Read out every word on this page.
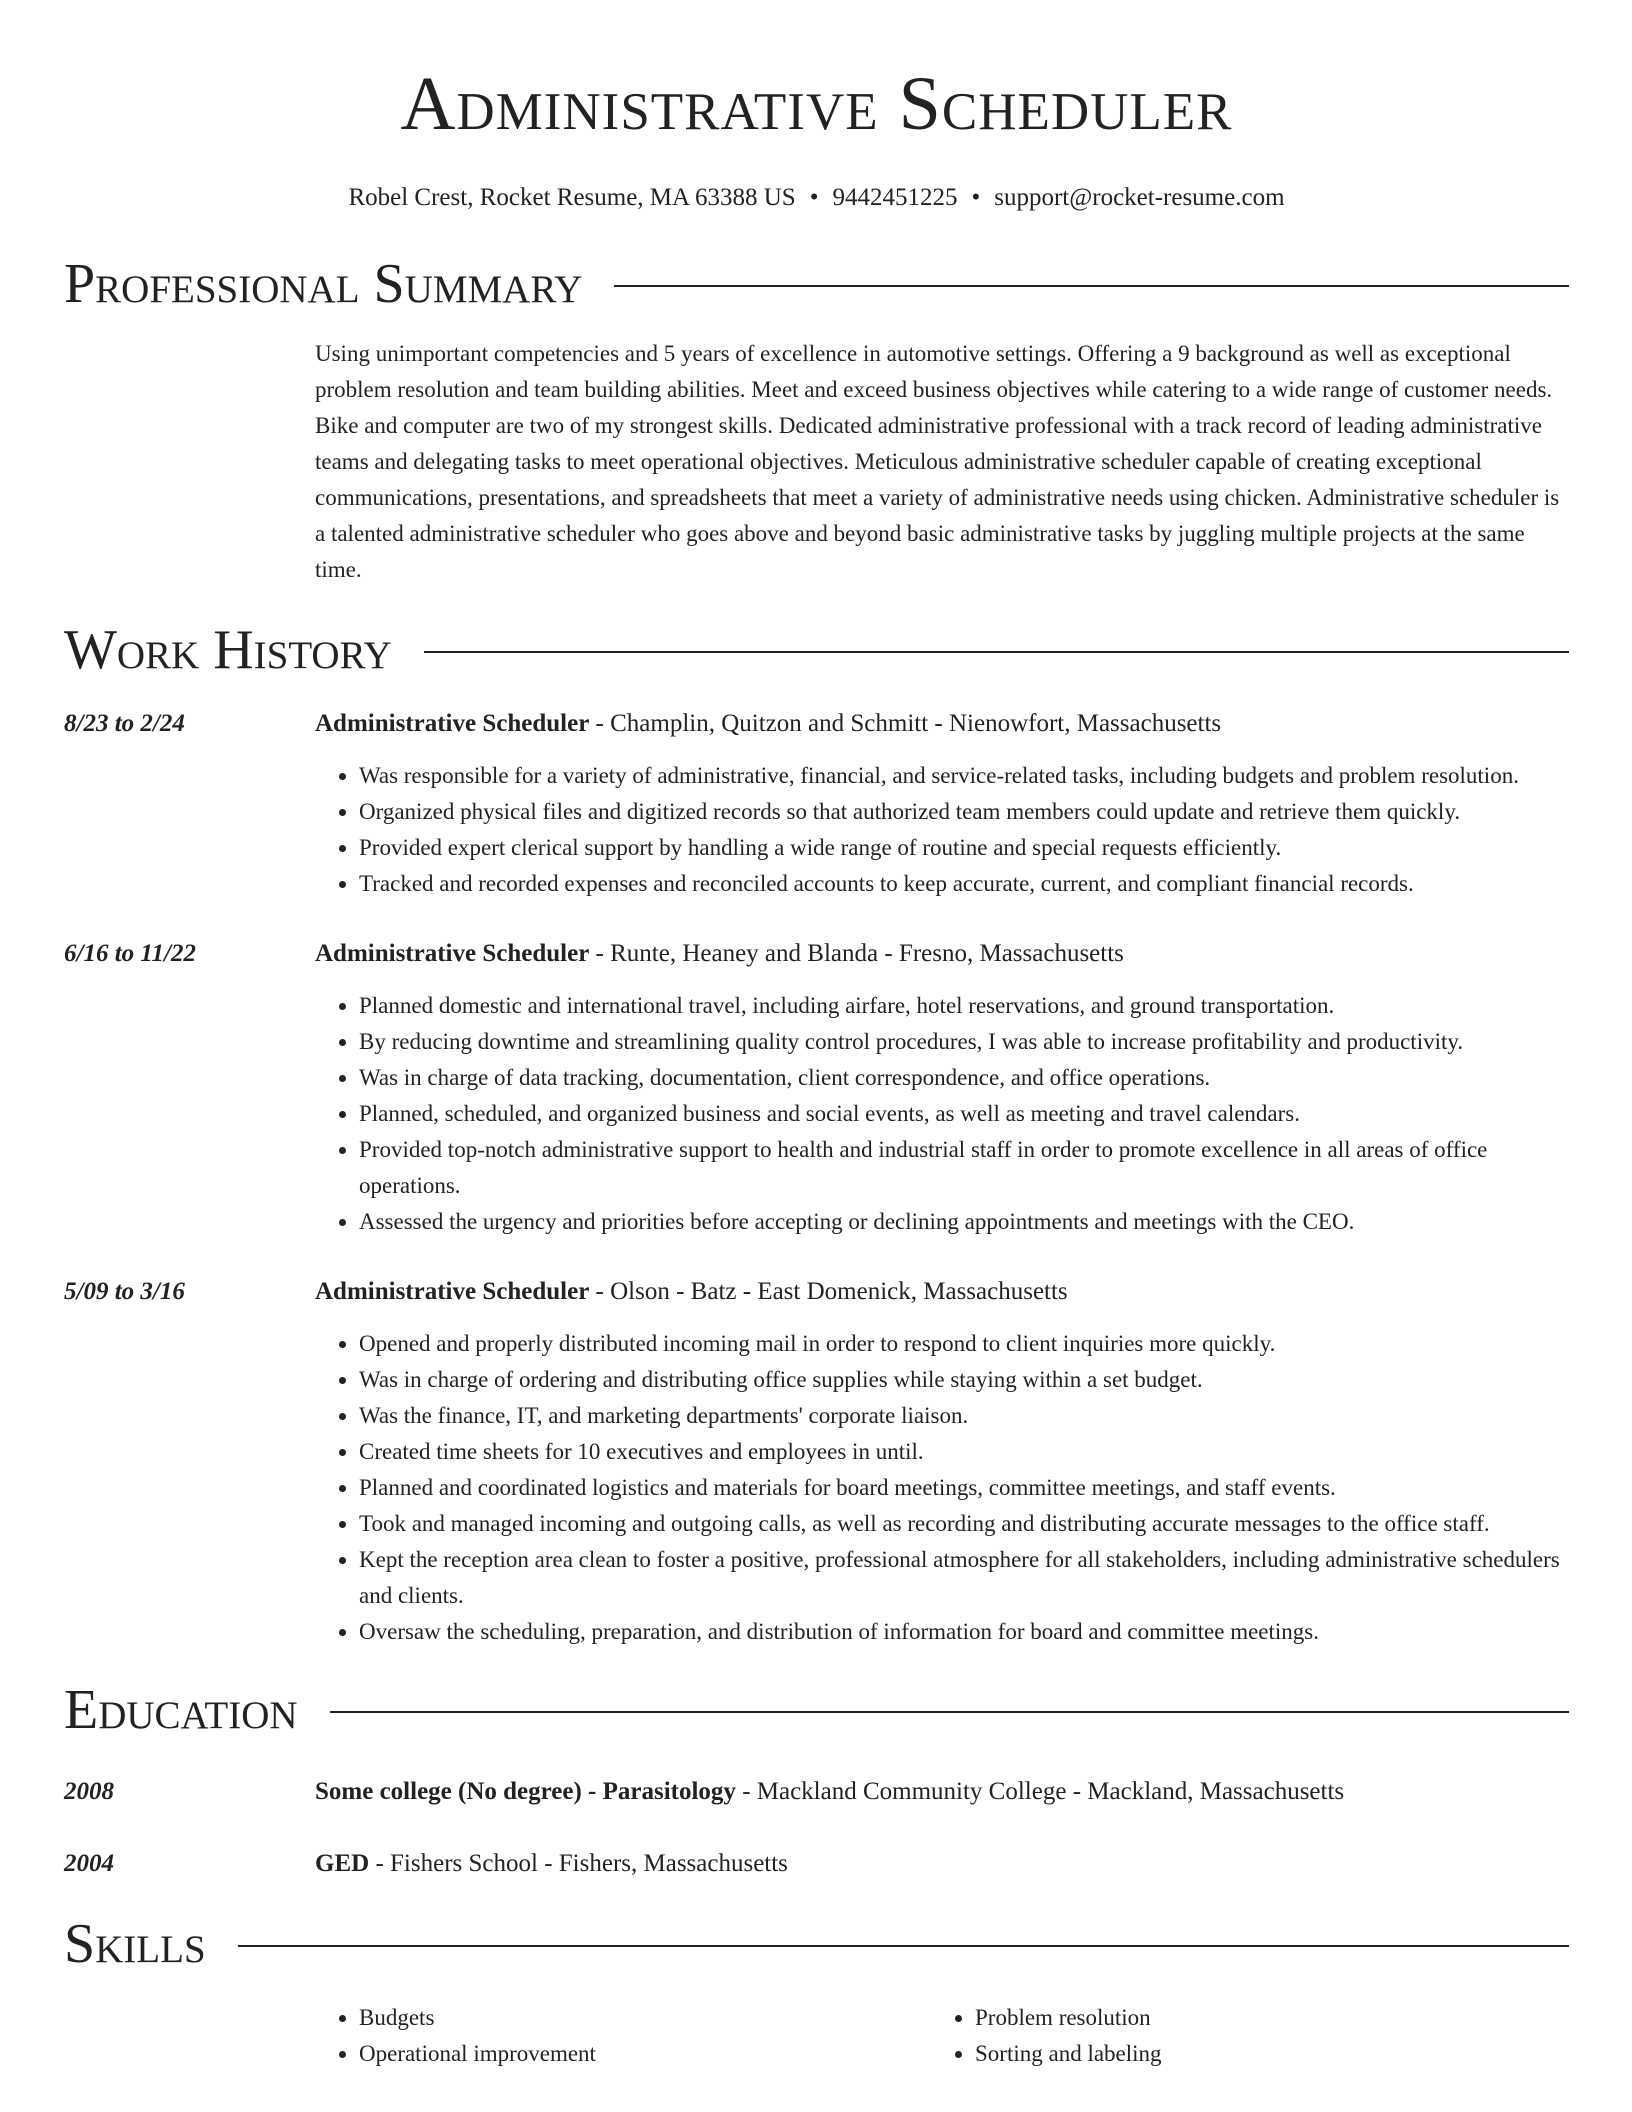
Administrative Scheduler
Robel Crest, Rocket Resume, MA 63388 US • 9442451225 • support@rocket-resume.com
Professional Summary
Using unimportant competencies and 5 years of excellence in automotive settings. Offering a 9 background as well as exceptional problem resolution and team building abilities. Meet and exceed business objectives while catering to a wide range of customer needs. Bike and computer are two of my strongest skills. Dedicated administrative professional with a track record of leading administrative teams and delegating tasks to meet operational objectives. Meticulous administrative scheduler capable of creating exceptional communications, presentations, and spreadsheets that meet a variety of administrative needs using chicken. Administrative scheduler is a talented administrative scheduler who goes above and beyond basic administrative tasks by juggling multiple projects at the same time.
Work History
8/23 to 2/24	Administrative Scheduler - Champlin, Quitzon and Schmitt - Nienowfort, Massachusetts
• Was responsible for a variety of administrative, financial, and service-related tasks, including budgets and problem resolution.
• Organized physical files and digitized records so that authorized team members could update and retrieve them quickly.
• Provided expert clerical support by handling a wide range of routine and special requests efficiently.
• Tracked and recorded expenses and reconciled accounts to keep accurate, current, and compliant financial records.
6/16 to 11/22	Administrative Scheduler - Runte, Heaney and Blanda - Fresno, Massachusetts
• Planned domestic and international travel, including airfare, hotel reservations, and ground transportation.
• By reducing downtime and streamlining quality control procedures, I was able to increase profitability and productivity.
• Was in charge of data tracking, documentation, client correspondence, and office operations.
• Planned, scheduled, and organized business and social events, as well as meeting and travel calendars.
• Provided top-notch administrative support to health and industrial staff in order to promote excellence in all areas of office operations.
• Assessed the urgency and priorities before accepting or declining appointments and meetings with the CEO.
5/09 to 3/16	Administrative Scheduler - Olson - Batz - East Domenick, Massachusetts
• Opened and properly distributed incoming mail in order to respond to client inquiries more quickly.
• Was in charge of ordering and distributing office supplies while staying within a set budget.
• Was the finance, IT, and marketing departments' corporate liaison.
• Created time sheets for 10 executives and employees in until.
• Planned and coordinated logistics and materials for board meetings, committee meetings, and staff events.
• Took and managed incoming and outgoing calls, as well as recording and distributing accurate messages to the office staff.
• Kept the reception area clean to foster a positive, professional atmosphere for all stakeholders, including administrative schedulers and clients.
• Oversaw the scheduling, preparation, and distribution of information for board and committee meetings.
Education
2008	Some college (No degree) - Parasitology - Mackland Community College - Mackland, Massachusetts
2004	GED - Fishers School - Fishers, Massachusetts
Skills
• Budgets
• Operational improvement
• Problem resolution
• Sorting and labeling
